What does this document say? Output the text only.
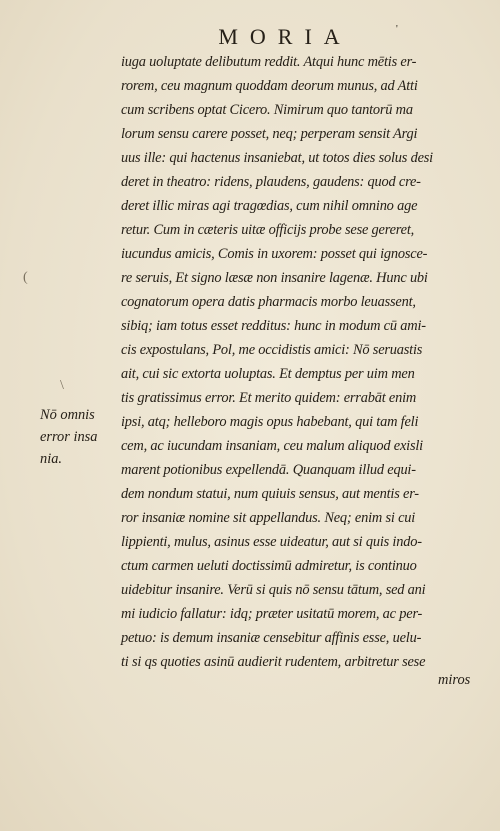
MORIA	'
(
\
Nō omnis
error insa
nia.
iuga uoluptate delibutum reddit. Atqui hunc mētis er-
rorem, ceu magnum quoddam deorum munus, ad Atti
cum scribens optat Cicero. Nimirum quo tantorū ma
lorum sensu carere posset, neq; perperam sensit Argi
uus ille: qui hactenus insaniebat, ut totos dies solus desi
deret in theatro: ridens, plaudens, gaudens: quod cre-
deret illic miras agi tragœdias, cum nihil omnino age
retur. Cum in cæteris uitæ officijs probe sese gereret,
iucundus amicis, Comis in uxorem: posset qui ignosce-
re seruis, Et signo læsæ non insanire lagenæ. Hunc ubi
cognatorum opera datis pharmacis morbo leuassent,
sibiq; iam totus esset redditus: hunc in modum cū ami-
cis expostulans, Pol, me occidistis amici: Nō seruastis
ait, cui sic extorta uoluptas. Et demptus per uim men
tis gratissimus error. Et merito quidem: errabāt enim
ipsi, atq; helleboro magis opus habebant, qui tam feli
cem, ac iucundam insaniam, ceu malum aliquod exisli
marent potionibus expellendā. Quanquam illud equi-
dem nondum statui, num quiuis sensus, aut mentis er-
ror insaniæ nomine sit appellandus. Neq; enim si cui
lippienti, mulus, asinus esse uideatur, aut si quis indo-
ctum carmen ueluti doctissimū admiretur, is continuo
uidebitur insanire. Verū si quis nō sensu tātum, sed ani
mi iudicio fallatur: idq; præter usitatū morem, ac per-
petuo: is demum insaniæ censebitur affinis esse, uelu-
ti si qs quoties asinū audierit rudentem, arbitretur sese
miros
